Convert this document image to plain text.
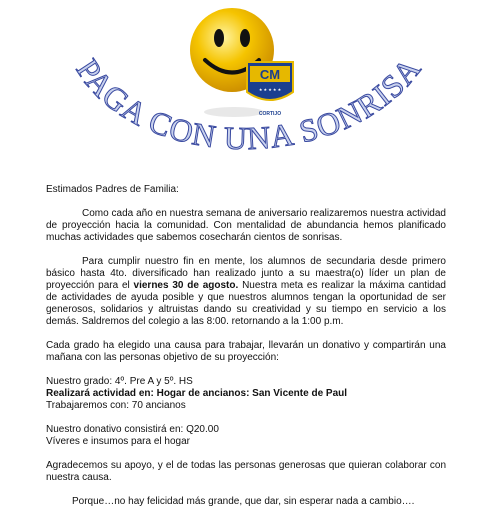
CM
★ ★ ★ ★ ★
CORTIJO
PAGA CON UNA SONRISA

Estimados Padres de Familia:

Como cada año en nuestra semana de aniversario realizaremos nuestra actividad de proyección hacia la comunidad. Con mentalidad de abundancia hemos planificado muchas actividades que sabemos cosecharán cientos de sonrisas.

Para cumplir nuestro fin en mente, los alumnos de secundaria desde primero básico hasta 4to. diversificado han realizado junto a su maestra(o) líder un plan de proyección para el viernes 30 de agosto. Nuestra meta es realizar la máxima cantidad de actividades de ayuda posible y que nuestros alumnos tengan la oportunidad de ser generosos, solidarios y altruistas dando su creatividad y su tiempo en servicio a los demás. Saldremos del colegio a las 8:00. retornando a la 1:00 p.m.

Cada grado ha elegido una causa para trabajar, llevarán un donativo y compartirán una mañana con las personas objetivo de su proyección:

Nuestro grado: 4º. Pre A y 5º. HS

Realizará actividad en: Hogar de ancianos: San Vicente de Paul

Trabajaremos con: 70 ancianos

Nuestro donativo consistirá en: Q20.00

Víveres e insumos para el hogar

Agradecemos su apoyo, y el de todas las personas generosas que quieran colaborar con nuestra causa.

Porque…no hay felicidad más grande, que dar, sin esperar nada a cambio….
